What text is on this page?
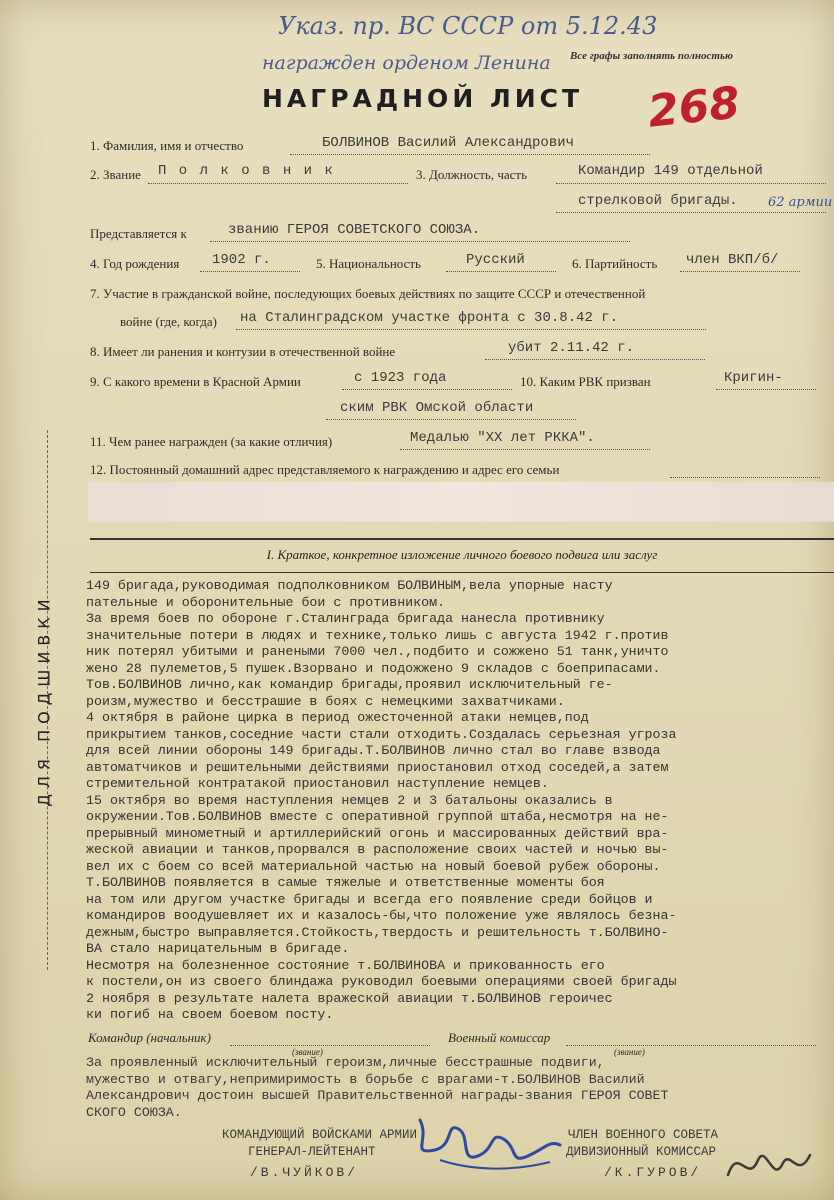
Указ. пр. ВС СССР от 5.12.43
награжден орденом Ленина Все графы заполнять полностью
НАГРАДНОЙ ЛИСТ 268
1. Фамилия, имя и отчество	БОЛВИНОВ Василий Александрович
2. Звание П о л к о в н и к	3. Должность, часть	Командир 149 отдельной
стрелковой бригады. 62 армии
Представляется к	званию ГЕРОЯ СОВЕТСКОГО СОЮЗА.
4. Год рождения 1902 г.	5. Национальность	Русский	6. Партийность член ВКП/б/
7. Участие в гражданской войне, последующих боевых действиях по защите СССР и отечественной
войне (где, когда) на Сталинградском участке фронта с 30.8.42 г.
8. Имеет ли ранения и контузии в отечественной войне	убит 2.11.42 г.
9. С какого времени в Красной Армии	с 1923 года	10. Каким РВК призван	Кригин-
ским РВК Омской области
11. Чем ранее награжден (за какие отличия)	Медалью "XX лет РККА".
12. Постоянный домашний адрес представляемого к награждению и адрес его семьи
ДЛЯ ПОДШИВКИ
I. Краткое, конкретное изложение личного боевого подвига или заслуг
149 бригада,руководимая подполковником БОЛВИНЫМ,вела упорные насту
пательные и оборонительные бои с противником.
За время боев по обороне г.Сталинграда бригада нанесла противнику
значительные потери в людях и технике,только лишь с августа 1942 г.против
ник потерял убитыми и ранеными 7000 чел.,подбито и сожжено 51 танк,уничто
жено 28 пулеметов,5 пушек.Взорвано и подожжено 9 складов с боеприпасами.
Тов.БОЛВИНОВ лично,как командир бригады,проявил исключительный ге-
роизм,мужество и бесстрашие в боях с немецкими захватчиками.
4 октября в районе цирка в период ожесточенной атаки немцев,под
прикрытием танков,соседние части стали отходить.Создалась серьезная угроза
для всей линии обороны 149 бригады.Т.БОЛВИНОВ лично стал во главе взвода
автоматчиков и решительными действиями приостановил отход соседей,а затем
стремительной контратакой приостановил наступление немцев.
15 октября во время наступления немцев 2 и 3 батальоны оказались в
окружении.Тов.БОЛВИНОВ вместе с оперативной группой штаба,несмотря на не-
прерывный минометный и артиллерийский огонь и массированных действий вра-
жеской авиации и танков,прорвался в расположение своих частей и ночью вы-
вел их с боем со всей материальной частью на новый боевой рубеж обороны.
Т.БОЛВИНОВ появляется в самые тяжелые и ответственные моменты боя
на том или другом участке бригады и всегда его появление среди бойцов и
командиров воодушевляет их и казалось-бы,что положение уже являлось безна-
дежным,быстро выправляется.Стойкость,твердость и решительность т.БОЛВИНО-
ВА стало нарицательным в бригаде.
Несмотря на болезненное состояние т.БОЛВИНОВА и прикованность его
к постели,он из своего блиндажа руководил боевыми операциями своей бригады
2 ноября в результате налета вражеской авиации т.БОЛВИНОВ героичес
ки погиб на своем боевом посту.
Командир (начальник)	Военный комиссар
(звание)	(звание)
За проявленный исключительный героизм,личные бесстрашные подвиги,
мужество и отвагу,непримиримость в борьбе с врагами-т.БОЛВИНОВ Василий
Александрович достоин высшей Правительственной награды-звания ГЕРОЯ СОВЕТ
СКОГО СОЮЗА.
КОМАНДУЮЩИЙ ВОЙСКАМИ АРМИИ
ГЕНЕРАЛ-ЛЕЙТЕНАНТ
/В.ЧУЙКОВ/
ЧЛЕН ВОЕННОГО СОВЕТА
ДИВИЗИОННЫЙ КОМИССАР
/К.ГУРОВ/
